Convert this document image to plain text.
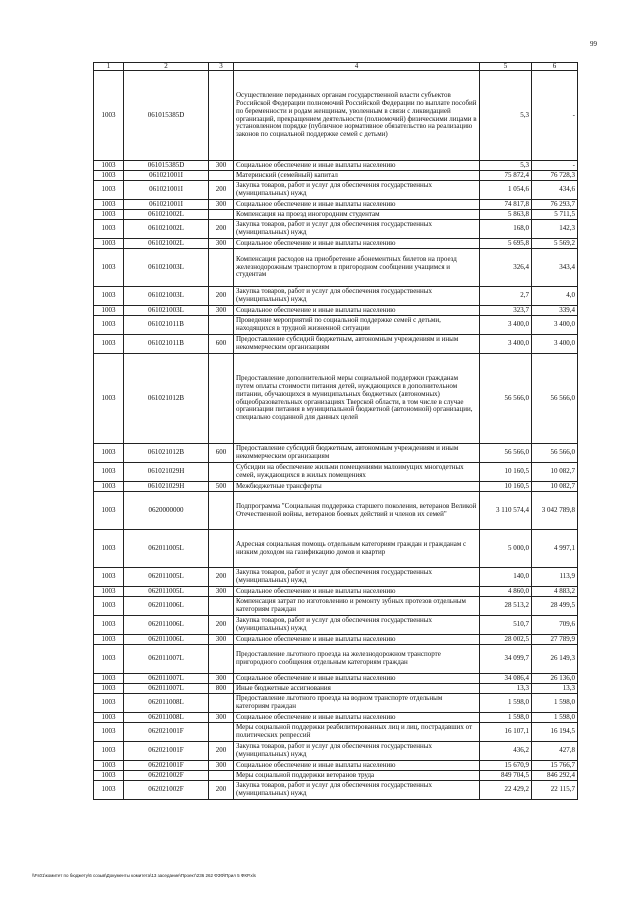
99
1	2	3	4	5	6
1003	061015385D		Осуществление переданных органам государственной власти субъектов Российской Федерации полномочий Российской Федерации по выплате пособий по беременности и родам женщинам, уволенным в связи с ликвидацией организаций, прекращением деятельности (полномочий) физическими лицами в установленном порядке (публичное нормативное обязательство на реализацию законов по социальной поддержке семей с детьми)	5,3	-
1003	061015385D	300	Социальное обеспечение и иные выплаты населению	5,3	-
1003	061021001I		Материнский (семейный) капитал	75 872,4	76 728,3
1003	061021001I	200	Закупка товаров, работ и услуг для обеспечения государственных (муниципальных) нужд	1 054,6	434,6
1003	061021001I	300	Социальное обеспечение и иные выплаты населению	74 817,8	76 293,7
1003	061021002L		Компенсация на проезд иногородним студентам	5 863,8	5 711,5
1003	061021002L	200	Закупка товаров, работ и услуг для обеспечения государственных (муниципальных) нужд	168,0	142,3
1003	061021002L	300	Социальное обеспечение и иные выплаты населению	5 695,8	5 569,2
1003	061021003L		Компенсация расходов на приобретение абонементных билетов на проезд железнодорожным транспортом в пригородном сообщении учащимся и студентам	326,4	343,4
1003	061021003L	200	Закупка товаров, работ и услуг для обеспечения государственных (муниципальных) нужд	2,7	4,0
1003	061021003L	300	Социальное обеспечение и иные выплаты населению	323,7	339,4
1003	061021011B		Проведение мероприятий по социальной поддержке семей с детьми, находящихся в трудной жизненной ситуации	3 400,0	3 400,0
1003	061021011B	600	Предоставление субсидий бюджетным, автономным учреждениям и иным некоммерческим организациям	3 400,0	3 400,0
1003	061021012B		Предоставление дополнительной меры социальной поддержки гражданам путем оплаты стоимости питания детей, нуждающихся в дополнительном питании, обучающихся в муниципальных бюджетных (автономных) общеобразовательных организациях Тверской области, в том числе в случае организации питания в муниципальной бюджетной (автономной) организации, специально созданной для данных целей	56 566,0	56 566,0
1003	061021012B	600	Предоставление субсидий бюджетным, автономным учреждениям и иным некоммерческим организациям	56 566,0	56 566,0
1003	061021029H		Субсидии на обеспечение жильми помещениями малоимущих многодетных семей, нуждающихся в жилых помещениях	10 160,5	10 082,7
1003	061021029H	500	Межбюджетные трансферты	10 160,5	10 082,7
1003	0620000000		Подпрограмма "Социальная поддержка старшего поколения, ветеранов Великой Отечественной войны, ветеранов боевых действий и членов их семей"	3 110 574,4	3 042 789,8
1003	062011005L		Адресная социальная помощь отдельным категориям граждан и гражданам с низким доходом на газификацию домов и квартир	5 000,0	4 997,1
1003	062011005L	200	Закупка товаров, работ и услуг для обеспечения государственных (муниципальных) нужд	140,0	113,9
1003	062011005L	300	Социальное обеспечение и иные выплаты населению	4 860,0	4 883,2
1003	062011006L		Компенсация затрат по изготовлению и ремонту зубных протезов отдельным категориям граждан	28 513,2	28 499,5
1003	062011006L	200	Закупка товаров, работ и услуг для обеспечения государственных (муниципальных) нужд	510,7	709,6
1003	062011006L	300	Социальное обеспечение и иные выплаты населению	28 002,5	27 789,9
1003	062011007L		Предоставление льготного проезда на железнодорожном транспорте пригородного сообщения отдельным категориям граждан	34 099,7	26 149,3
1003	062011007L	300	Социальное обеспечение и иные выплаты населению	34 086,4	26 136,0
1003	062011007L	800	Иные бюджетные ассигнования	13,3	13,3
1003	062011008L		Предоставление льготного проезда на водном транспорте отдельным категориям граждан	1 598,0	1 598,0
1003	062011008L	300	Социальное обеспечение и иные выплаты населению	1 598,0	1 598,0
1003	062021001F		Меры социальной поддержки реабилитированных лиц и лиц, пострадавших от политических репрессий	16 107,1	16 194,5
1003	062021001F	200	Закупка товаров, работ и услуг для обеспечения государственных (муниципальных) нужд	436,2	427,8
1003	062021001F	300	Социальное обеспечение и иные выплаты населению	15 670,9	15 766,7
1003	062021002F		Меры социальной поддержки ветеранов труда	849 704,5	846 292,4
1003	062021002F	200	Закупка товаров, работ и услуг для обеспечения государственных (муниципальных) нужд	22 429,2	22 115,7
\\Fs01\комитет по бюджету\6 созыв\Документы комитета\13 заседание\Проект\236 262 ФЗФ\Прил 5 ФКР.xls
